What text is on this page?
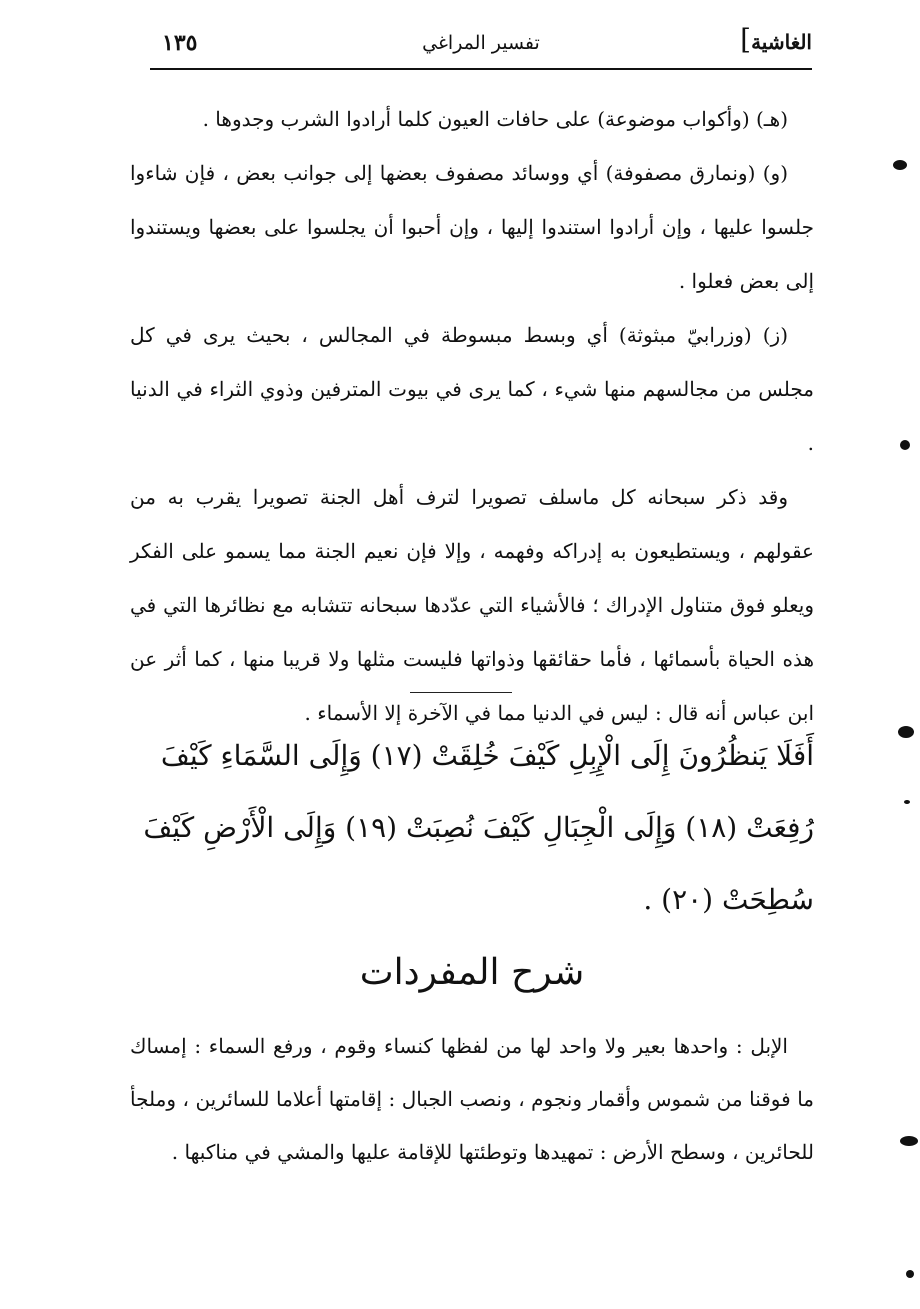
١٣٥	تفسير المراغي	الغاشية]

(هـ) (وأكواب موضوعة) على حافات العيون كلما أرادوا الشرب وجدوها .

(و) (ونمارق مصفوفة) أي ووسائد مصفوف بعضها إلى جوانب بعض ، فإن شاءوا جلسوا عليها ، وإن أرادوا استندوا إليها ، وإن أحبوا أن يجلسوا على بعضها ويستندوا إلى بعض فعلوا .

(ز) (وزرابيّ مبثوثة) أي وبسط مبسوطة في المجالس ، بحيث يرى في كل مجلس من مجالسهم منها شيء ، كما يرى في بيوت المترفين وذوي الثراء في الدنيا .

وقد ذكر سبحانه كل ماسلف تصويرا لترف أهل الجنة تصويرا يقرب به من عقولهم ، ويستطيعون به إدراكه وفهمه ، وإلا فإن نعيم الجنة مما يسمو على الفكر ويعلو فوق متناول الإدراك ؛ فالأشياء التي عدّدها سبحانه تتشابه مع نظائرها التي في هذه الحياة بأسمائها ، فأما حقائقها وذواتها فليست مثلها ولا قريبا منها ، كما أثر عن ابن عباس أنه قال : ليس في الدنيا مما في الآخرة إلا الأسماء .

أَفَلَا يَنظُرُونَ إِلَى الْإِبِلِ كَيْفَ خُلِقَتْ (١٧) وَإِلَى السَّمَاءِ كَيْفَ

رُفِعَتْ (١٨) وَإِلَى الْجِبَالِ كَيْفَ نُصِبَتْ (١٩) وَإِلَى الْأَرْضِ كَيْفَ

سُطِحَتْ (٢٠) .

شرح المفردات

الإبل : واحدها بعير ولا واحد لها من لفظها كنساء وقوم ، ورفع السماء : إمساك ما فوقنا من شموس وأقمار ونجوم ، ونصب الجبال : إقامتها أعلاما للسائرين ، وملجأ للحائرين ، وسطح الأرض : تمهيدها وتوطئتها للإقامة عليها والمشي في مناكبها .
